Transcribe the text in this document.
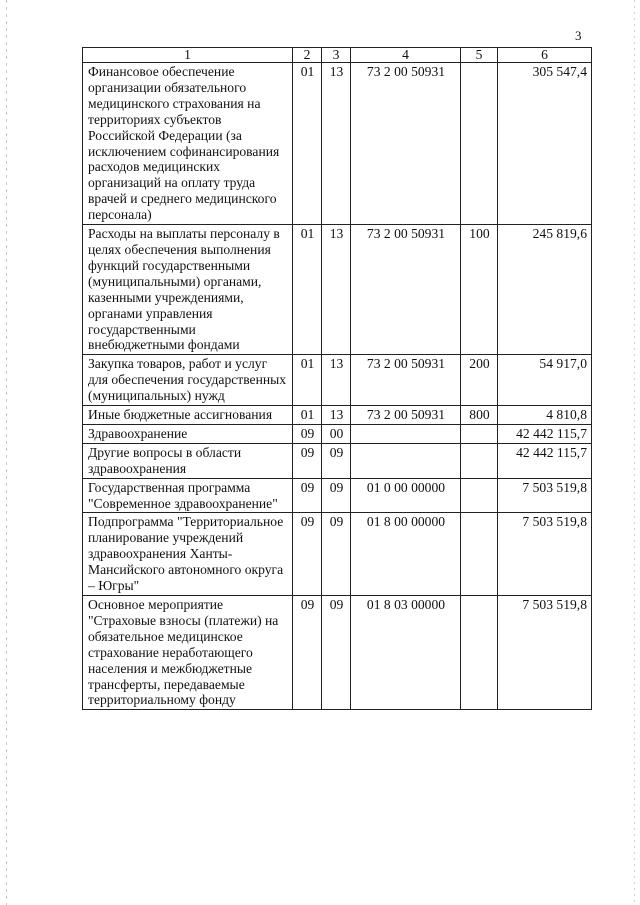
3
1	2	3	4	5	6
Финансовое обеспечение организации обязательного медицинского страхования на территориях субъектов Российской Федерации (за исключением софинансирования расходов медицинских организаций на оплату труда врачей и среднего медицинского персонала)	01	13	73 2 00 50931		305 547,4
Расходы на выплаты персоналу в целях обеспечения выполнения функций государственными (муниципальными) органами, казенными учреждениями, органами управления государственными внебюджетными фондами	01	13	73 2 00 50931	100	245 819,6
Закупка товаров, работ и услуг для обеспечения государственных (муниципальных) нужд	01	13	73 2 00 50931	200	54 917,0
Иные бюджетные ассигнования	01	13	73 2 00 50931	800	4 810,8
Здравоохранение	09	00			42 442 115,7
Другие вопросы в области здравоохранения	09	09			42 442 115,7
Государственная программа "Современное здравоохранение"	09	09	01 0 00 00000		7 503 519,8
Подпрограмма "Территориальное планирование учреждений здравоохранения Ханты-Мансийского автономного округа – Югры"	09	09	01 8 00 00000		7 503 519,8
Основное мероприятие "Страховые взносы (платежи) на обязательное медицинское страхование неработающего населения и межбюджетные трансферты, передаваемые территориальному фонду	09	09	01 8 03 00000		7 503 519,8
